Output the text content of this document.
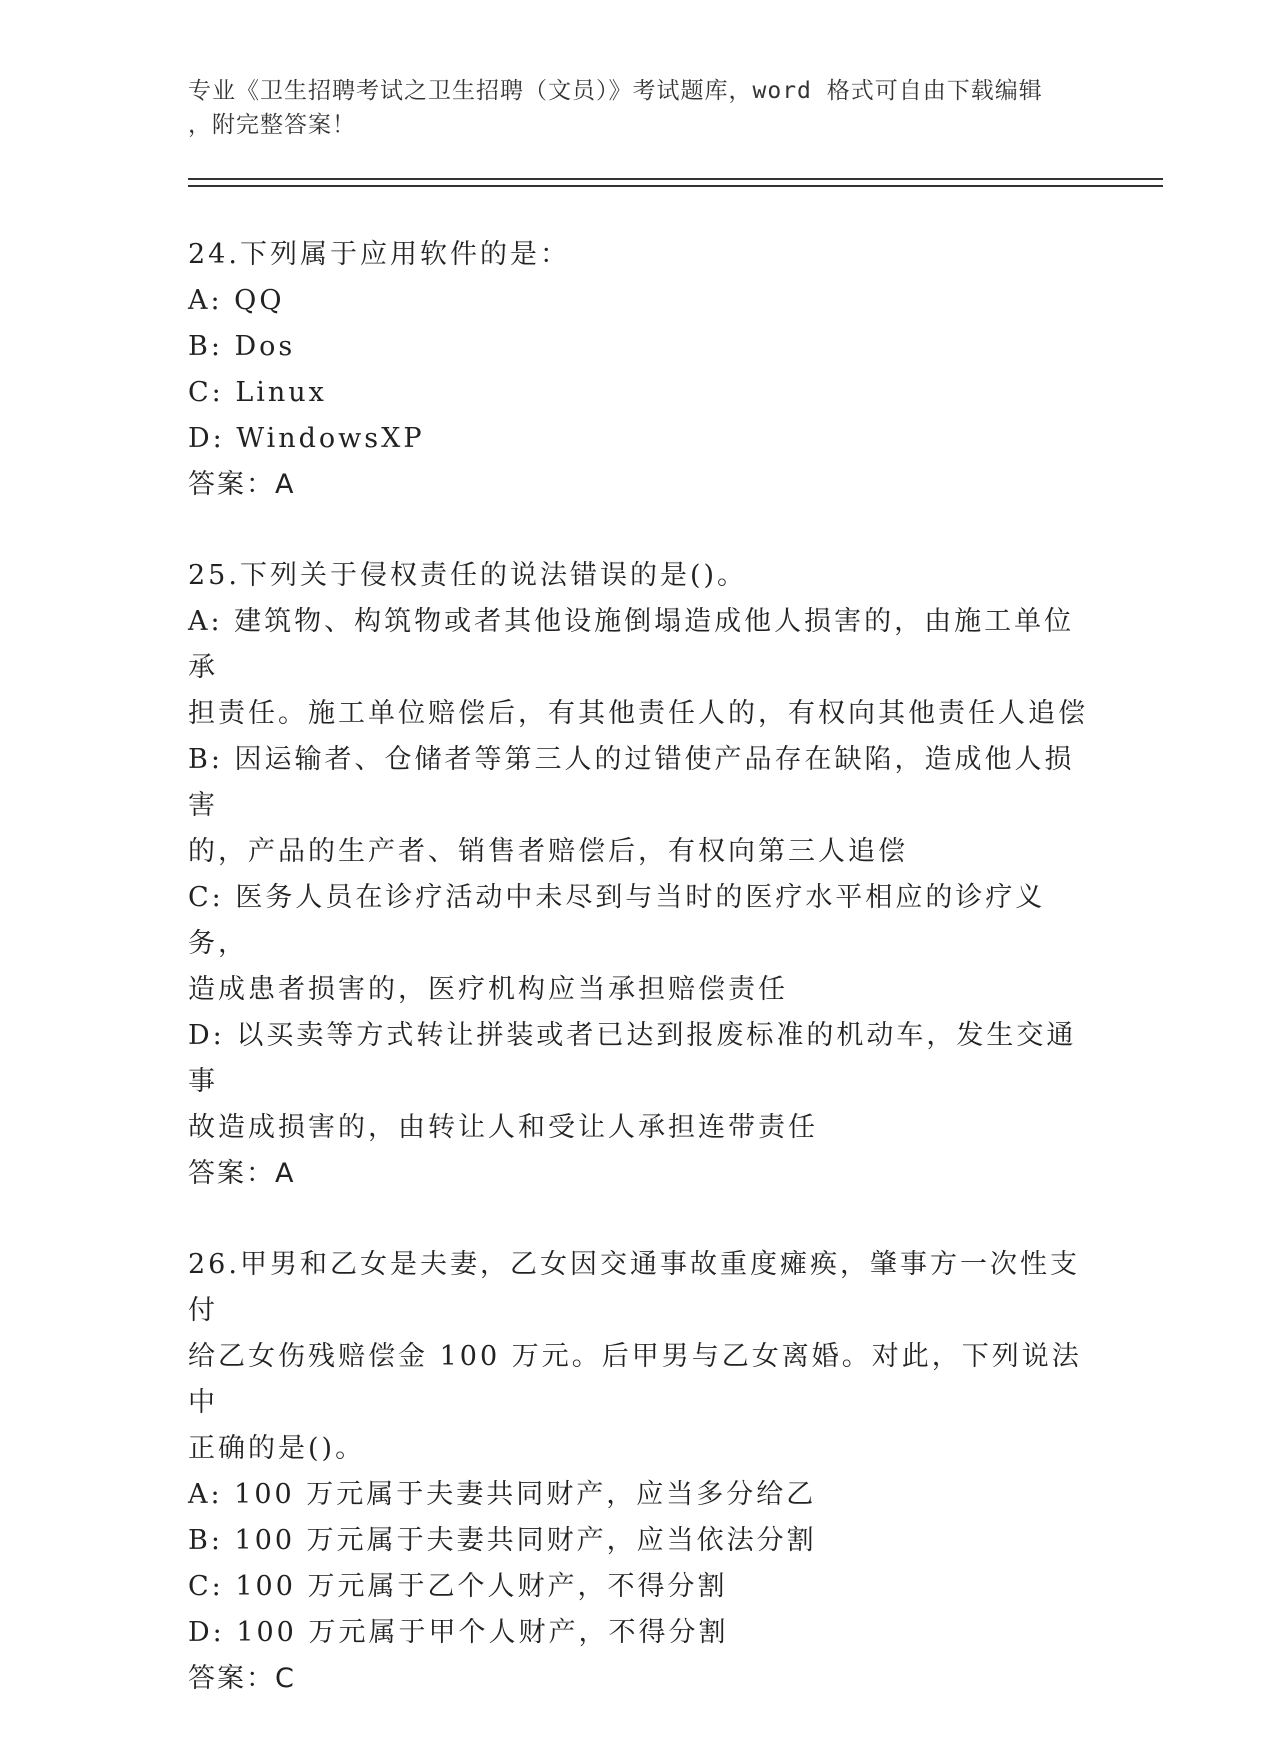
专业《卫生招聘考试之卫生招聘（文员）》考试题库，word 格式可自由下载编辑
，附完整答案！
24.下列属于应用软件的是：
A: QQ
B: Dos
C: Linux
D: WindowsXP
答案：A
25.下列关于侵权责任的说法错误的是()。
A: 建筑物、构筑物或者其他设施倒塌造成他人损害的，由施工单位承
担责任。施工单位赔偿后，有其他责任人的，有权向其他责任人追偿
B: 因运输者、仓储者等第三人的过错使产品存在缺陷，造成他人损害
的，产品的生产者、销售者赔偿后，有权向第三人追偿
C: 医务人员在诊疗活动中未尽到与当时的医疗水平相应的诊疗义务，
造成患者损害的，医疗机构应当承担赔偿责任
D: 以买卖等方式转让拼装或者已达到报废标准的机动车，发生交通事
故造成损害的，由转让人和受让人承担连带责任
答案：A
26.甲男和乙女是夫妻，乙女因交通事故重度瘫痪，肇事方一次性支付
给乙女伤残赔偿金 100 万元。后甲男与乙女离婚。对此，下列说法中
正确的是()。
A: 100 万元属于夫妻共同财产，应当多分给乙
B: 100 万元属于夫妻共同财产，应当依法分割
C: 100 万元属于乙个人财产，不得分割
D: 100 万元属于甲个人财产，不得分割
答案：C
